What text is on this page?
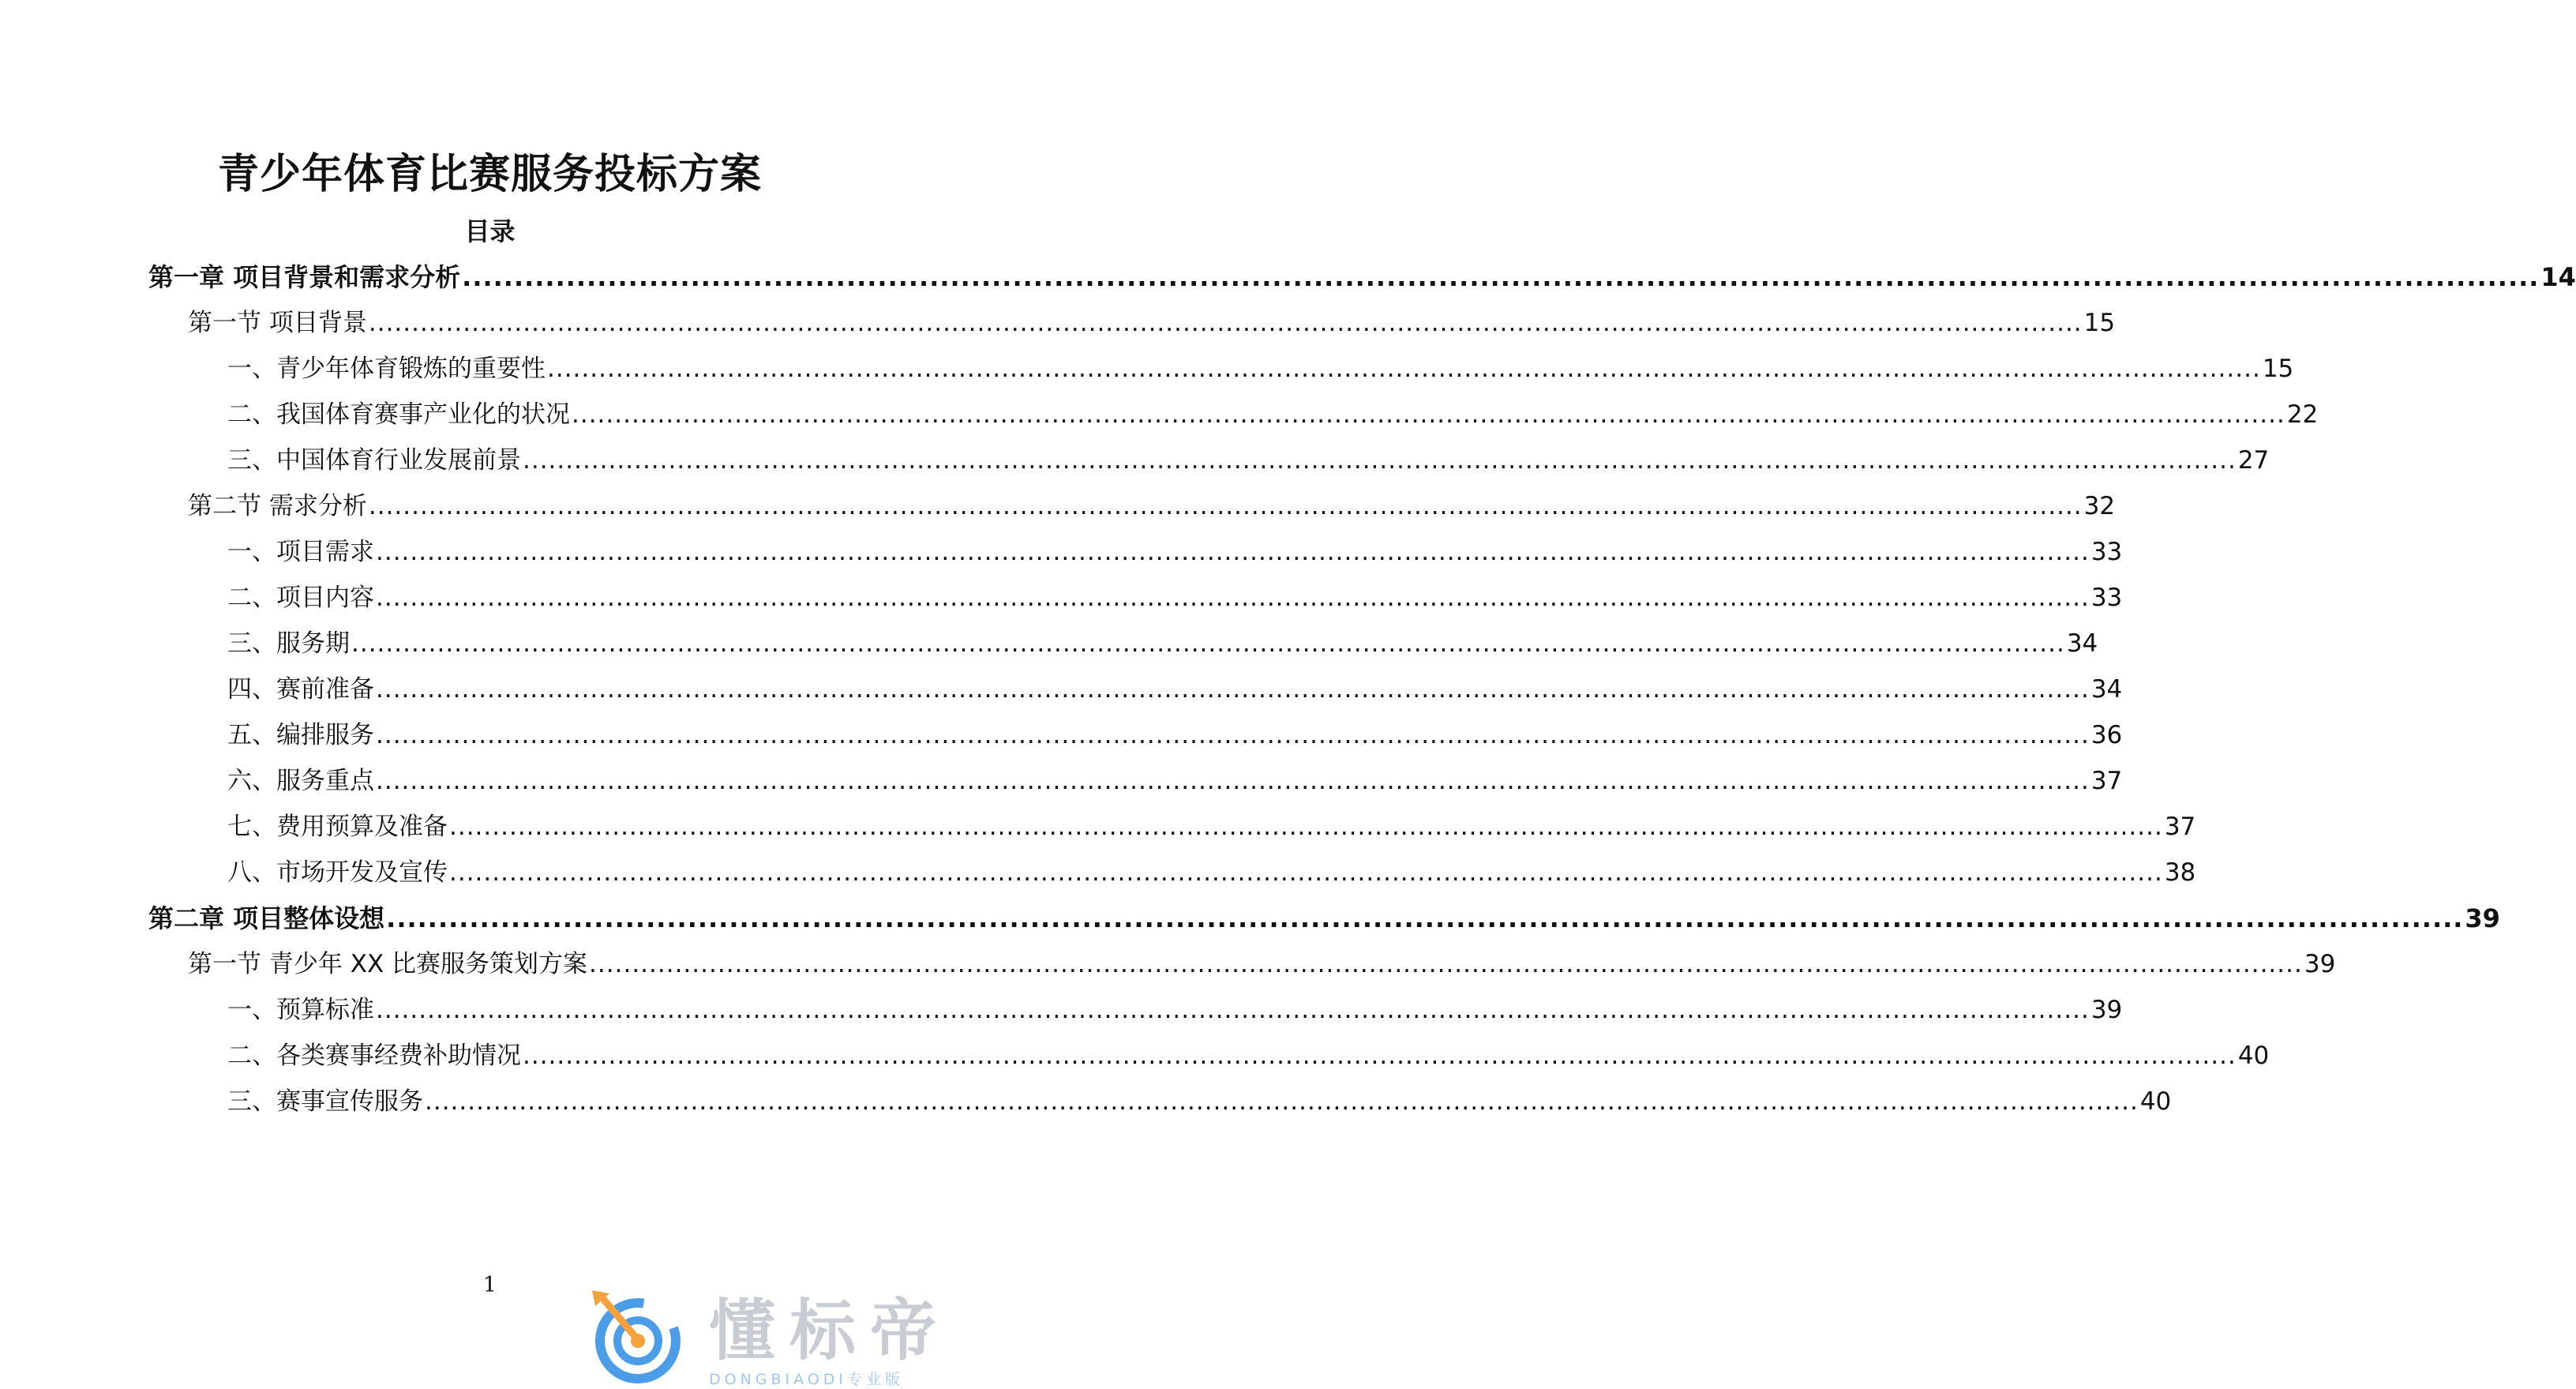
青少年体育比赛服务投标方案
目录
第一章 项目背景和需求分析 ........................................................................................................................................................................................................ 14
第一节 项目背景 ........................................................................................................................................................................................................ 15
一、青少年体育锻炼的重要性 ........................................................................................................................................................................................................ 15
二、我国体育赛事产业化的状况 ........................................................................................................................................................................................................ 22
三、中国体育行业发展前景 ........................................................................................................................................................................................................ 27
第二节 需求分析 ........................................................................................................................................................................................................ 32
一、项目需求 ........................................................................................................................................................................................................ 33
二、项目内容 ........................................................................................................................................................................................................ 33
三、服务期 ........................................................................................................................................................................................................ 34
四、赛前准备 ........................................................................................................................................................................................................ 34
五、编排服务 ........................................................................................................................................................................................................ 36
六、服务重点 ........................................................................................................................................................................................................ 37
七、费用预算及准备 ........................................................................................................................................................................................................ 37
八、市场开发及宣传 ........................................................................................................................................................................................................ 38
第二章 项目整体设想 ........................................................................................................................................................................................................ 39
第一节 青少年 XX 比赛服务策划方案 ........................................................................................................................................................................................................ 39
一、预算标准 ........................................................................................................................................................................................................ 39
二、各类赛事经费补助情况 ........................................................................................................................................................................................................ 40
三、赛事宣传服务 ........................................................................................................................................................................................................ 40
1
懂标帝
DONGBIAODI专业版
